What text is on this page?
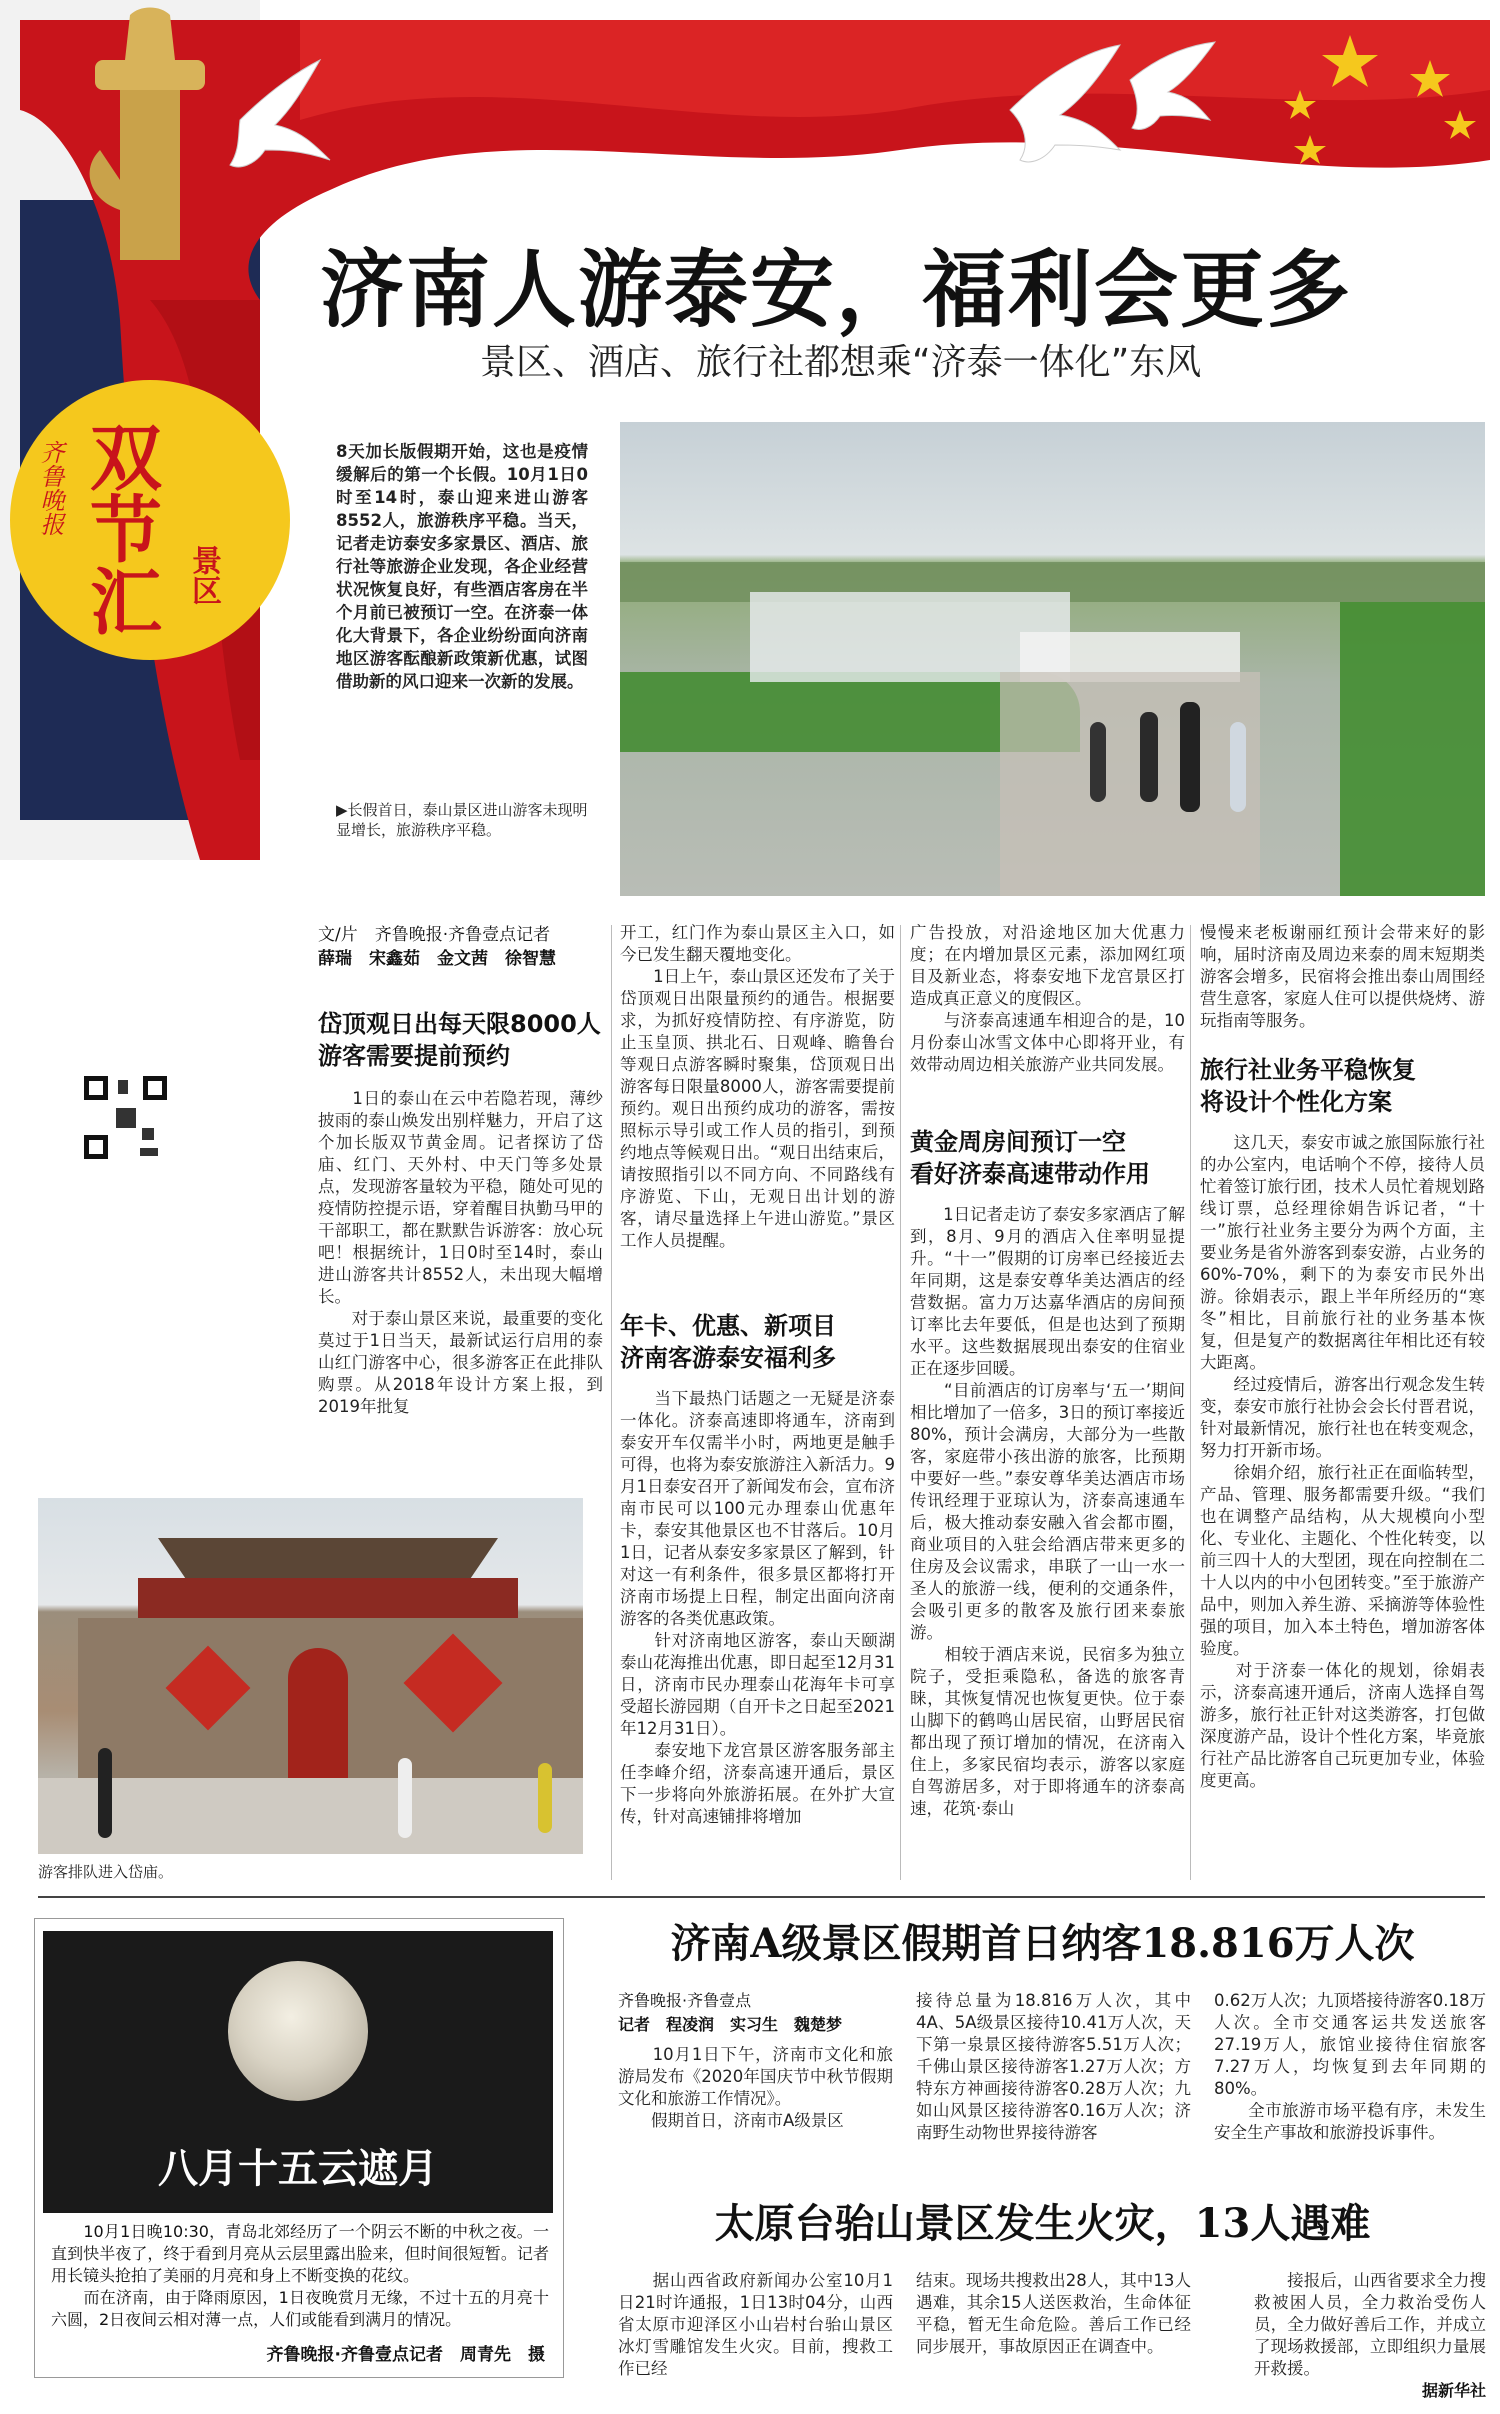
齐鲁晚报 双节汇 景区
A02
组版：侯波
美编：颜莉
编辑：于海霞
星期五
2020年10月2日
济南人游泰安，福利会更多
景区、酒店、旅行社都想乘“济泰一体化”东风
8天加长版假期开始，这也是疫情缓解后的第一个长假。10月1日0时至14时，泰山迎来进山游客8552人，旅游秩序平稳。当天，记者走访泰安多家景区、酒店、旅行社等旅游企业发现，各企业经营状况恢复良好，有些酒店客房在半个月前已被预订一空。在济泰一体化大背景下，各企业纷纷面向济南地区游客酝酿新政策新优惠，试图借助新的风口迎来一次新的发展。
▶长假首日，泰山景区进山游客未现明显增长，旅游秩序平稳。
文/片　齐鲁晚报·齐鲁壹点记者
薛瑞　宋鑫茹　金文茜　徐智慧
岱顶观日出每天限8000人
游客需要提前预约
　　1日的泰山在云中若隐若现，薄纱披雨的泰山焕发出别样魅力，开启了这个加长版双节黄金周。记者探访了岱庙、红门、天外村、中天门等多处景点，发现游客量较为平稳，随处可见的疫情防控提示语，穿着醒目执勤马甲的干部职工，都在默默告诉游客：放心玩吧！根据统计，1日0时至14时，泰山进山游客共计8552人，未出现大幅增长。
　　对于泰山景区来说，最重要的变化莫过于1日当天，最新试运行启用的泰山红门游客中心，很多游客正在此排队购票。从2018年设计方案上报，到2019年批复
开工，红门作为泰山景区主入口，如今已发生翻天覆地变化。
　　1日上午，泰山景区还发布了关于岱顶观日出限量预约的通告。根据要求，为抓好疫情防控、有序游览，防止玉皇顶、拱北石、日观峰、瞻鲁台等观日点游客瞬时聚集，岱顶观日出游客每日限量8000人，游客需要提前预约。观日出预约成功的游客，需按照标示导引或工作人员的指引，到预约地点等候观日出。“观日出结束后，请按照指引以不同方向、不同路线有序游览、下山，无观日出计划的游客，请尽量选择上午进山游览。”景区工作人员提醒。
年卡、优惠、新项目
济南客游泰安福利多
　　当下最热门话题之一无疑是济泰一体化。济泰高速即将通车，济南到泰安开车仅需半小时，两地更是触手可得，也将为泰安旅游注入新活力。9月1日泰安召开了新闻发布会，宣布济南市民可以100元办理泰山优惠年卡，泰安其他景区也不甘落后。10月1日，记者从泰安多家景区了解到，针对这一有利条件，很多景区都将打开济南市场提上日程，制定出面向济南游客的各类优惠政策。
　　针对济南地区游客，泰山天颐湖泰山花海推出优惠，即日起至12月31日，济南市民办理泰山花海年卡可享受超长游园期（自开卡之日起至2021年12月31日）。
　　泰安地下龙宫景区游客服务部主任李峰介绍，济泰高速开通后，景区下一步将向外旅游拓展。在外扩大宣传，针对高速铺排将增加
广告投放，对沿途地区加大优惠力度；在内增加景区元素，添加网红项目及新业态，将泰安地下龙宫景区打造成真正意义的度假区。
　　与济泰高速通车相迎合的是，10月份泰山冰雪文体中心即将开业，有效带动周边相关旅游产业共同发展。
黄金周房间预订一空
看好济泰高速带动作用
　　1日记者走访了泰安多家酒店了解到，8月、9月的酒店入住率明显提升。“十一”假期的订房率已经接近去年同期，这是泰安尊华美达酒店的经营数据。富力万达嘉华酒店的房间预订率比去年要低，但是也达到了预期水平。这些数据展现出泰安的住宿业正在逐步回暖。
　　“目前酒店的订房率与‘五一’期间相比增加了一倍多，3日的预订率接近80%，预计会满房，大部分为一些散客，家庭带小孩出游的旅客，比预期中要好一些。”泰安尊华美达酒店市场传讯经理于亚琼认为，济泰高速通车后，极大推动泰安融入省会都市圈，商业项目的入驻会给酒店带来更多的住房及会议需求，串联了一山一水一圣人的旅游一线，便利的交通条件，会吸引更多的散客及旅行团来泰旅游。
　　相较于酒店来说，民宿多为独立院子，受拒乘隐私，备选的旅客青睐，其恢复情况也恢复更快。位于泰山脚下的鹤鸣山居民宿，山野居民宿都出现了预订增加的情况，在济南入住上，多家民宿均表示，游客以家庭自驾游居多，对于即将通车的济泰高速，花筑·泰山
慢慢来老板谢丽红预计会带来好的影响，届时济南及周边来泰的周末短期类游客会增多，民宿将会推出泰山周围经营生意客，家庭人住可以提供烧烤、游玩指南等服务。
旅行社业务平稳恢复
将设计个性化方案
　　这几天，泰安市诚之旅国际旅行社的办公室内，电话响个不停，接待人员忙着签订旅行团，技术人员忙着规划路线订票，总经理徐娟告诉记者，“十一”旅行社业务主要分为两个方面，主要业务是省外游客到泰安游，占业务的60%-70%，剩下的为泰安市民外出游。徐娟表示，跟上半年所经历的“寒冬”相比，目前旅行社的业务基本恢复，但是复产的数据离往年相比还有较大距离。
　　经过疫情后，游客出行观念发生转变，泰安市旅行社协会会长付晋君说，针对最新情况，旅行社也在转变观念，努力打开新市场。
　　徐娟介绍，旅行社正在面临转型，产品、管理、服务都需要升级。“我们也在调整产品结构，从大规模向小型化、专业化、主题化、个性化转变，以前三四十人的大型团，现在向控制在二十人以内的中小包团转变。”至于旅游产品中，则加入养生游、采摘游等体验性强的项目，加入本土特色，增加游客体验度。
　　对于济泰一体化的规划，徐娟表示，济泰高速开通后，济南人选择自驾游多，旅行社正针对这类游客，打包做深度游产品，设计个性化方案，毕竟旅行社产品比游客自己玩更加专业，体验度更高。
游客排队进入岱庙。
八月十五云遮月
　　10月1日晚10:30，青岛北郊经历了一个阴云不断的中秋之夜。一直到快半夜了，终于看到月亮从云层里露出脸来，但时间很短暂。记者用长镜头抢拍了美丽的月亮和身上不断变换的花纹。
　　而在济南，由于降雨原因，1日夜晚赏月无缘，不过十五的月亮十六圆，2日夜间云相对薄一点，人们或能看到满月的情况。
齐鲁晚报·齐鲁壹点记者　周青先　摄
济南A级景区假期首日纳客18.816万人次
齐鲁晚报·齐鲁壹点
记者　程凌润　实习生　魏楚梦
　　10月1日下午，济南市文化和旅游局发布《2020年国庆节中秋节假期文化和旅游工作情况》。
　　假期首日，济南市A级景区
接待总量为18.816万人次，其中4A、5A级景区接待10.41万人次，天下第一泉景区接待游客5.51万人次；千佛山景区接待游客1.27万人次；方特东方神画接待游客0.28万人次；九如山风景区接待游客0.16万人次；济南野生动物世界接待游客
0.62万人次；九顶塔接待游客0.18万人次。全市交通客运共发送旅客27.19万人，旅馆业接待住宿旅客7.27万人，均恢复到去年同期的80%。
　　全市旅游市场平稳有序，未发生安全生产事故和旅游投诉事件。
太原台骀山景区发生火灾，13人遇难
　　据山西省政府新闻办公室10月1日21时许通报，1日13时04分，山西省太原市迎泽区小山岩村台骀山景区冰灯雪雕馆发生火灾。目前，搜救工作已经
结束。现场共搜救出28人，其中13人遇难，其余15人送医救治，生命体征平稳，暂无生命危险。善后工作已经同步展开，事故原因正在调查中。
　　接报后，山西省要求全力搜救被困人员，全力救治受伤人员，全力做好善后工作，并成立了现场救援部，立即组织力量展开救援。
据新华社
